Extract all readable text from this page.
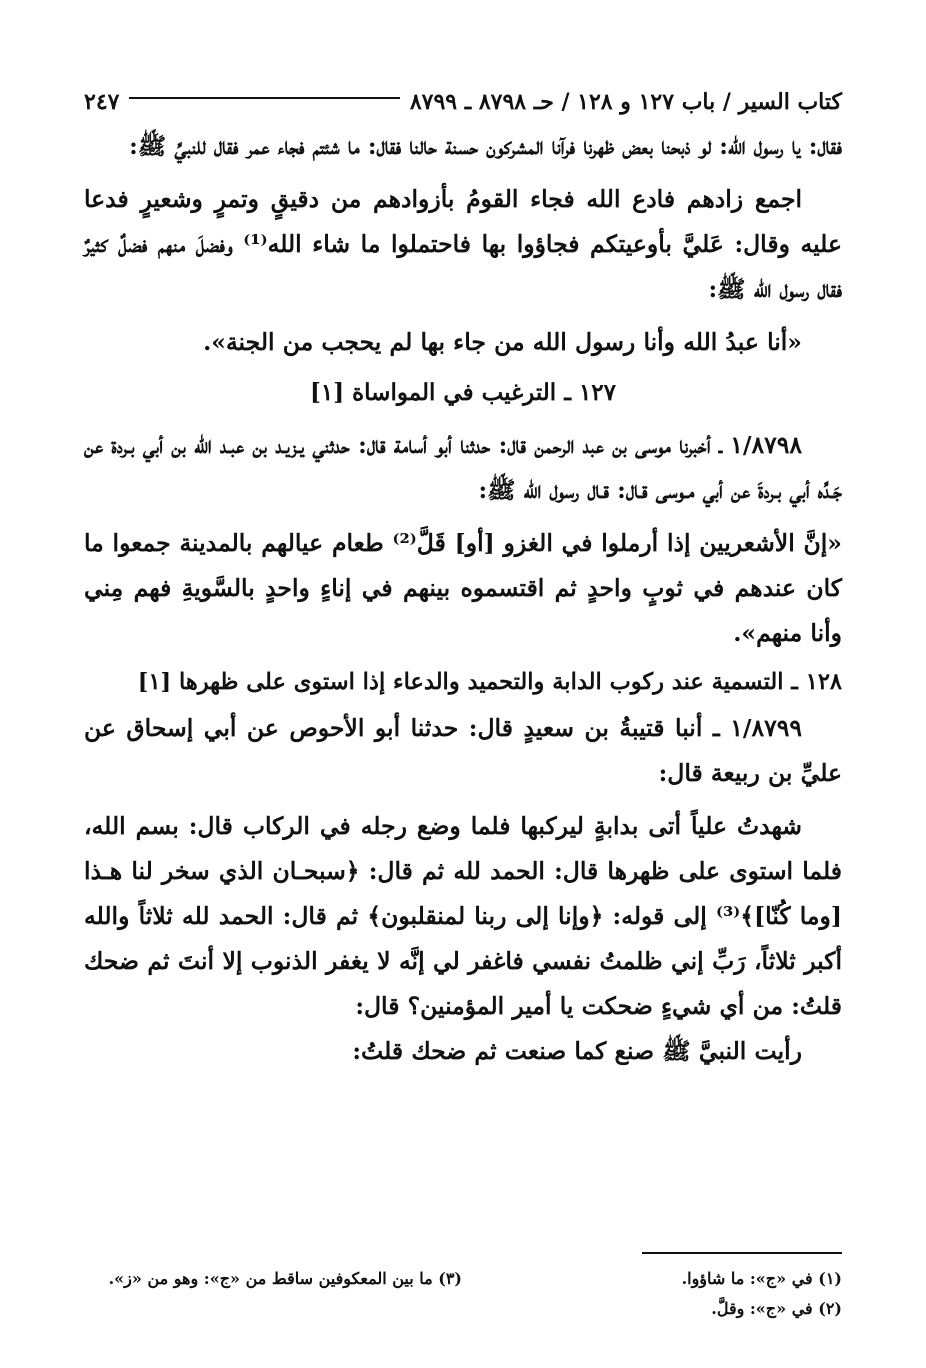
كتاب السير / باب ١٢٧ و ١٢٨ / حـ ٨٧٩٨ ـ ٨٧٩٩
٢٤٧

فقال: يا رسول الله: لو ذبحنا بعض ظهرنا فرآنا المشركون حسنة حالنا فقال: ما شئتم فجاء عمر فقال للنبيِّ ﷺ:

اجمع زادهم فادع الله فجاء القومُ بأزوادهم من دقيقٍ وتمرٍ وشعيرٍ فدعا عليه وقال: عَليَّ بأوعيتكم فجاؤوا بها فاحتملوا ما شاء الله⁽¹⁾ وفضلَ منهم فضلٌ كثيرٌ فقال رسول الله ﷺ:

«أنا عبدُ الله وأنا رسول الله من جاء بها لم يحجب من الجنة».

١٢٧ ـ الترغيب في المواساة [١]

١/٨٧٩٨ ـ أخبرنا موسى بن عبد الرحمن قال: حدثنا أبو أسامة قال: حدثني يـزيـد بن عبـد الله بن أبي بـردة عن جَـدِّه أبي بـردةَ عن أبي مـوسى قـال: قـال رسول الله ﷺ:

«إنَّ الأشعريين إذا أرملوا في الغزو [أو] قَلَّ⁽²⁾ طعام عيالهم بالمدينة جمعوا ما كان عندهم في ثوبٍ واحدٍ ثم اقتسموه بينهم في إناءٍ واحدٍ بالسَّويةِ فهم مِني وأنا منهم».

١٢٨ ـ التسمية عند ركوب الدابة والتحميد والدعاء إذا استوى على ظهرها [١]

١/٨٧٩٩ ـ أنبا قتيبةُ بن سعيدٍ قال: حدثنا أبو الأحوص عن أبي إسحاق عن عليِّ بن ربيعة قال:

شهدتُ علياً أتى بدابةٍ ليركبها فلما وضع رجله في الركاب قال: بسم الله، فلما استوى على ظهرها قال: الحمد لله ثم قال: ﴿سبحـان الذي سخر لنا هـذا [وما كُنّا]﴾⁽³⁾ إلى قوله: ﴿وإنا إلى ربنا لمنقلبون﴾ ثم قال: الحمد لله ثلاثاً والله أكبر ثلاثاً، رَبِّ إني ظلمتُ نفسي فاغفر لي إنَّه لا يغفر الذنوب إلا أنتَ ثم ضحك قلتُ: من أي شيءٍ ضحكت يا أمير المؤمنين؟ قال:

رأيت النبيَّ ﷺ صنع كما صنعت ثم ضحك قلتُ:

(١) في «ج»: ما شاؤوا.
(٣) ما بين المعكوفين ساقط من «ج»: وهو من «ز».
(٢) في «ج»: وقلَّ.
